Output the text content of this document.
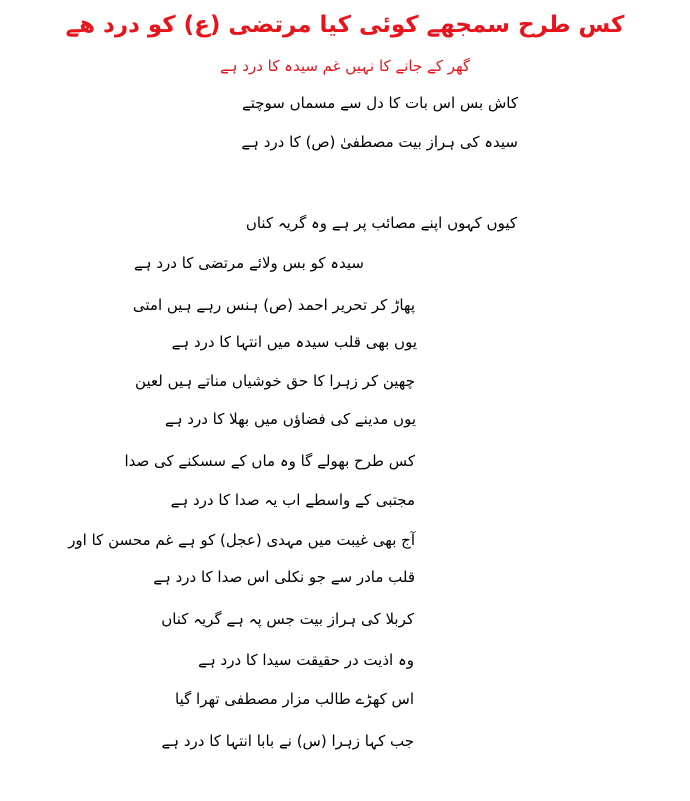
کس طرح سمجھے کوئی کیا مرتضی (ع) کو درد ھے
گھر کے جانے کا نہیں غم سیدہ کا درد ہے
کاش بس اس بات کا دل سے مسماں سوچتے
سیدہ کی ہراز بیت مصطفیٰ (ص) کا درد ہے
کیوں کہوں اپنے مصائب پر ہے وہ گریہ کناں
سیدہ کو بس ولائے مرتضی کا درد ہے
پھاڑ کر تحریر احمد (ص) ہنس رہے ہیں امتی
یوں بھی قلب سیدہ میں انتہا کا درد ہے
چھین کر زہرا کا حق خوشیاں مناتے ہیں لعین
یوں مدینے کی فضاؤں میں بھلا کا درد ہے
کس طرح بھولے گا وہ ماں کے سسکنے کی صدا
مجتبی کے واسطے اب یہ صدا کا درد ہے
آج بھی غیبت میں مہدی (عجل) کو ہے غم محسن کا اور
قلب مادر سے جو نکلی اس صدا کا درد ہے
کربلا کی ہراز بیت جس پہ ہے گریہ کناں
وہ اذیت در حقیقت سیدا کا درد ہے
اس کھڑے طالب مزار مصطفی تھرا گیا
جب کہا زہرا (س) نے بابا انتہا کا درد ہے
